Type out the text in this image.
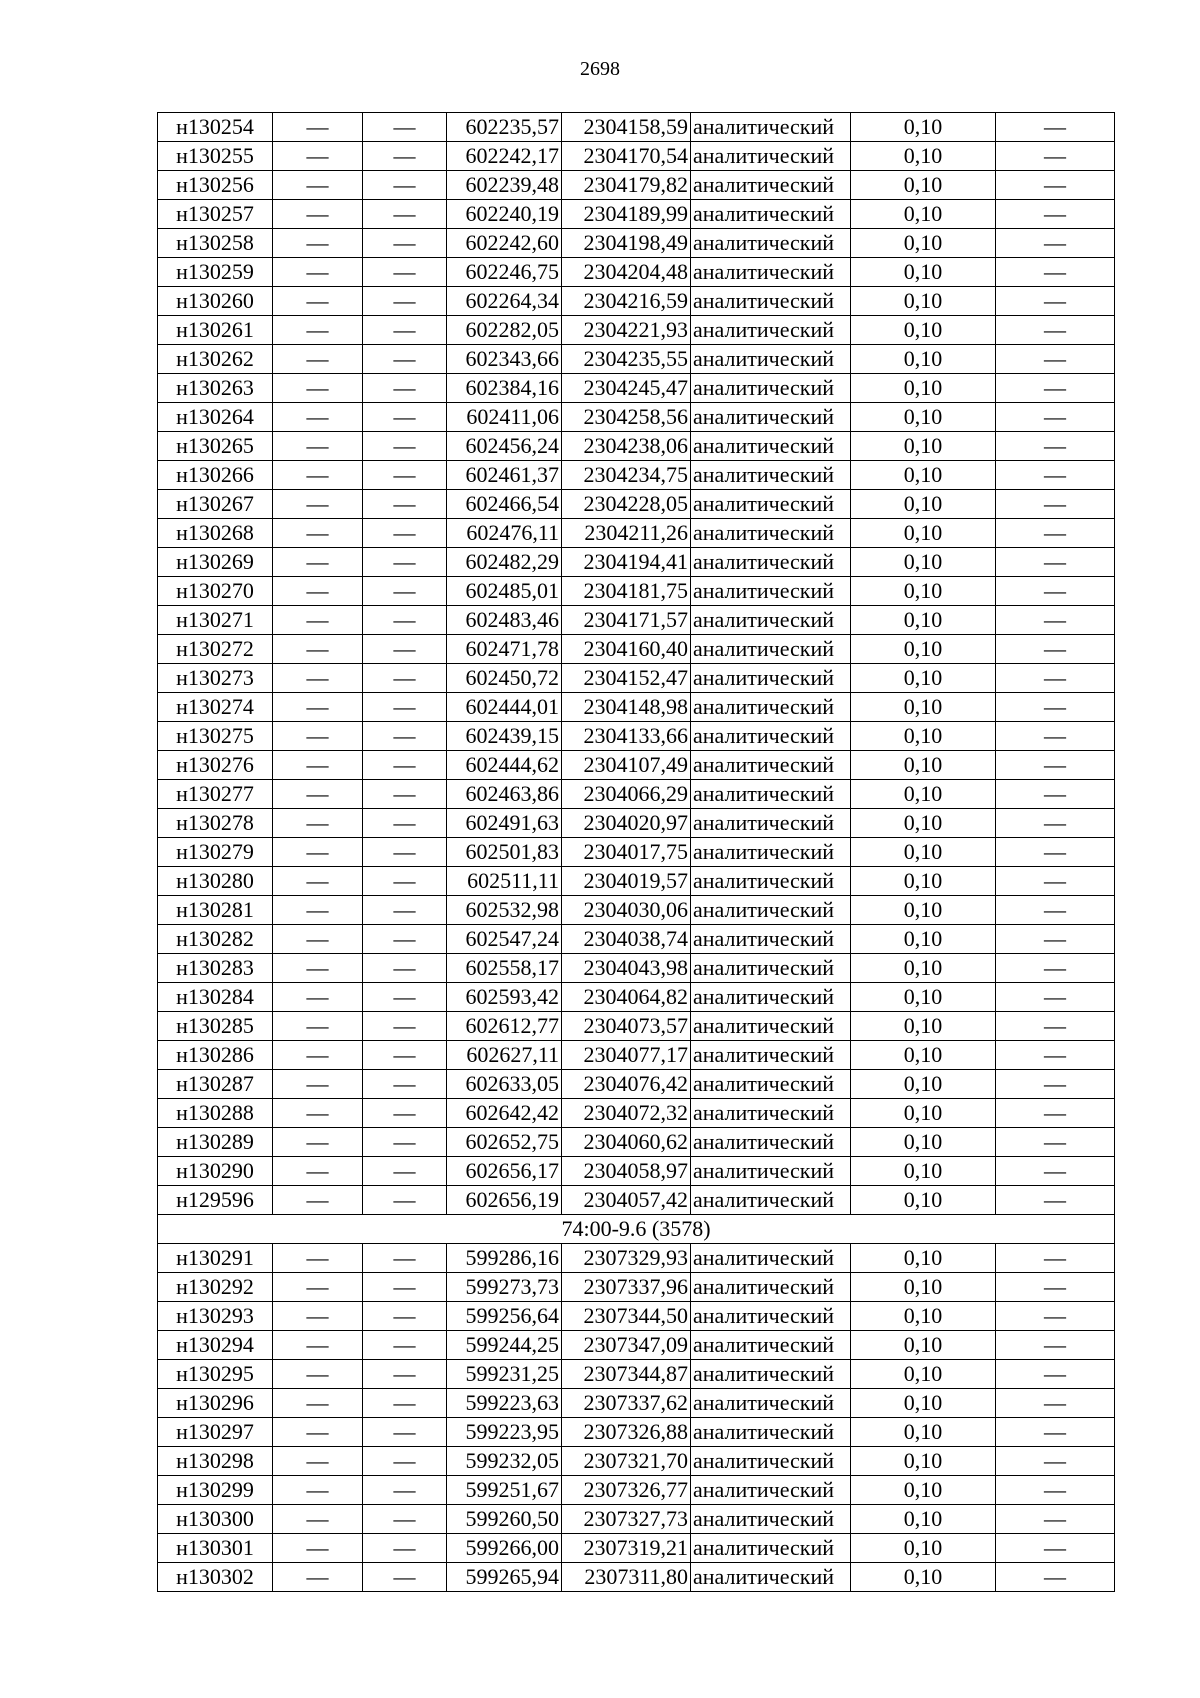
2698
н130254	—	—	602235,57	2304158,59	аналитический	0,10	—
н130255	—	—	602242,17	2304170,54	аналитический	0,10	—
н130256	—	—	602239,48	2304179,82	аналитический	0,10	—
н130257	—	—	602240,19	2304189,99	аналитический	0,10	—
н130258	—	—	602242,60	2304198,49	аналитический	0,10	—
н130259	—	—	602246,75	2304204,48	аналитический	0,10	—
н130260	—	—	602264,34	2304216,59	аналитический	0,10	—
н130261	—	—	602282,05	2304221,93	аналитический	0,10	—
н130262	—	—	602343,66	2304235,55	аналитический	0,10	—
н130263	—	—	602384,16	2304245,47	аналитический	0,10	—
н130264	—	—	602411,06	2304258,56	аналитический	0,10	—
н130265	—	—	602456,24	2304238,06	аналитический	0,10	—
н130266	—	—	602461,37	2304234,75	аналитический	0,10	—
н130267	—	—	602466,54	2304228,05	аналитический	0,10	—
н130268	—	—	602476,11	2304211,26	аналитический	0,10	—
н130269	—	—	602482,29	2304194,41	аналитический	0,10	—
н130270	—	—	602485,01	2304181,75	аналитический	0,10	—
н130271	—	—	602483,46	2304171,57	аналитический	0,10	—
н130272	—	—	602471,78	2304160,40	аналитический	0,10	—
н130273	—	—	602450,72	2304152,47	аналитический	0,10	—
н130274	—	—	602444,01	2304148,98	аналитический	0,10	—
н130275	—	—	602439,15	2304133,66	аналитический	0,10	—
н130276	—	—	602444,62	2304107,49	аналитический	0,10	—
н130277	—	—	602463,86	2304066,29	аналитический	0,10	—
н130278	—	—	602491,63	2304020,97	аналитический	0,10	—
н130279	—	—	602501,83	2304017,75	аналитический	0,10	—
н130280	—	—	602511,11	2304019,57	аналитический	0,10	—
н130281	—	—	602532,98	2304030,06	аналитический	0,10	—
н130282	—	—	602547,24	2304038,74	аналитический	0,10	—
н130283	—	—	602558,17	2304043,98	аналитический	0,10	—
н130284	—	—	602593,42	2304064,82	аналитический	0,10	—
н130285	—	—	602612,77	2304073,57	аналитический	0,10	—
н130286	—	—	602627,11	2304077,17	аналитический	0,10	—
н130287	—	—	602633,05	2304076,42	аналитический	0,10	—
н130288	—	—	602642,42	2304072,32	аналитический	0,10	—
н130289	—	—	602652,75	2304060,62	аналитический	0,10	—
н130290	—	—	602656,17	2304058,97	аналитический	0,10	—
н129596	—	—	602656,19	2304057,42	аналитический	0,10	—
74:00-9.6 (3578)							
н130291	—	—	599286,16	2307329,93	аналитический	0,10	—
н130292	—	—	599273,73	2307337,96	аналитический	0,10	—
н130293	—	—	599256,64	2307344,50	аналитический	0,10	—
н130294	—	—	599244,25	2307347,09	аналитический	0,10	—
н130295	—	—	599231,25	2307344,87	аналитический	0,10	—
н130296	—	—	599223,63	2307337,62	аналитический	0,10	—
н130297	—	—	599223,95	2307326,88	аналитический	0,10	—
н130298	—	—	599232,05	2307321,70	аналитический	0,10	—
н130299	—	—	599251,67	2307326,77	аналитический	0,10	—
н130300	—	—	599260,50	2307327,73	аналитический	0,10	—
н130301	—	—	599266,00	2307319,21	аналитический	0,10	—
н130302	—	—	599265,94	2307311,80	аналитический	0,10	—
